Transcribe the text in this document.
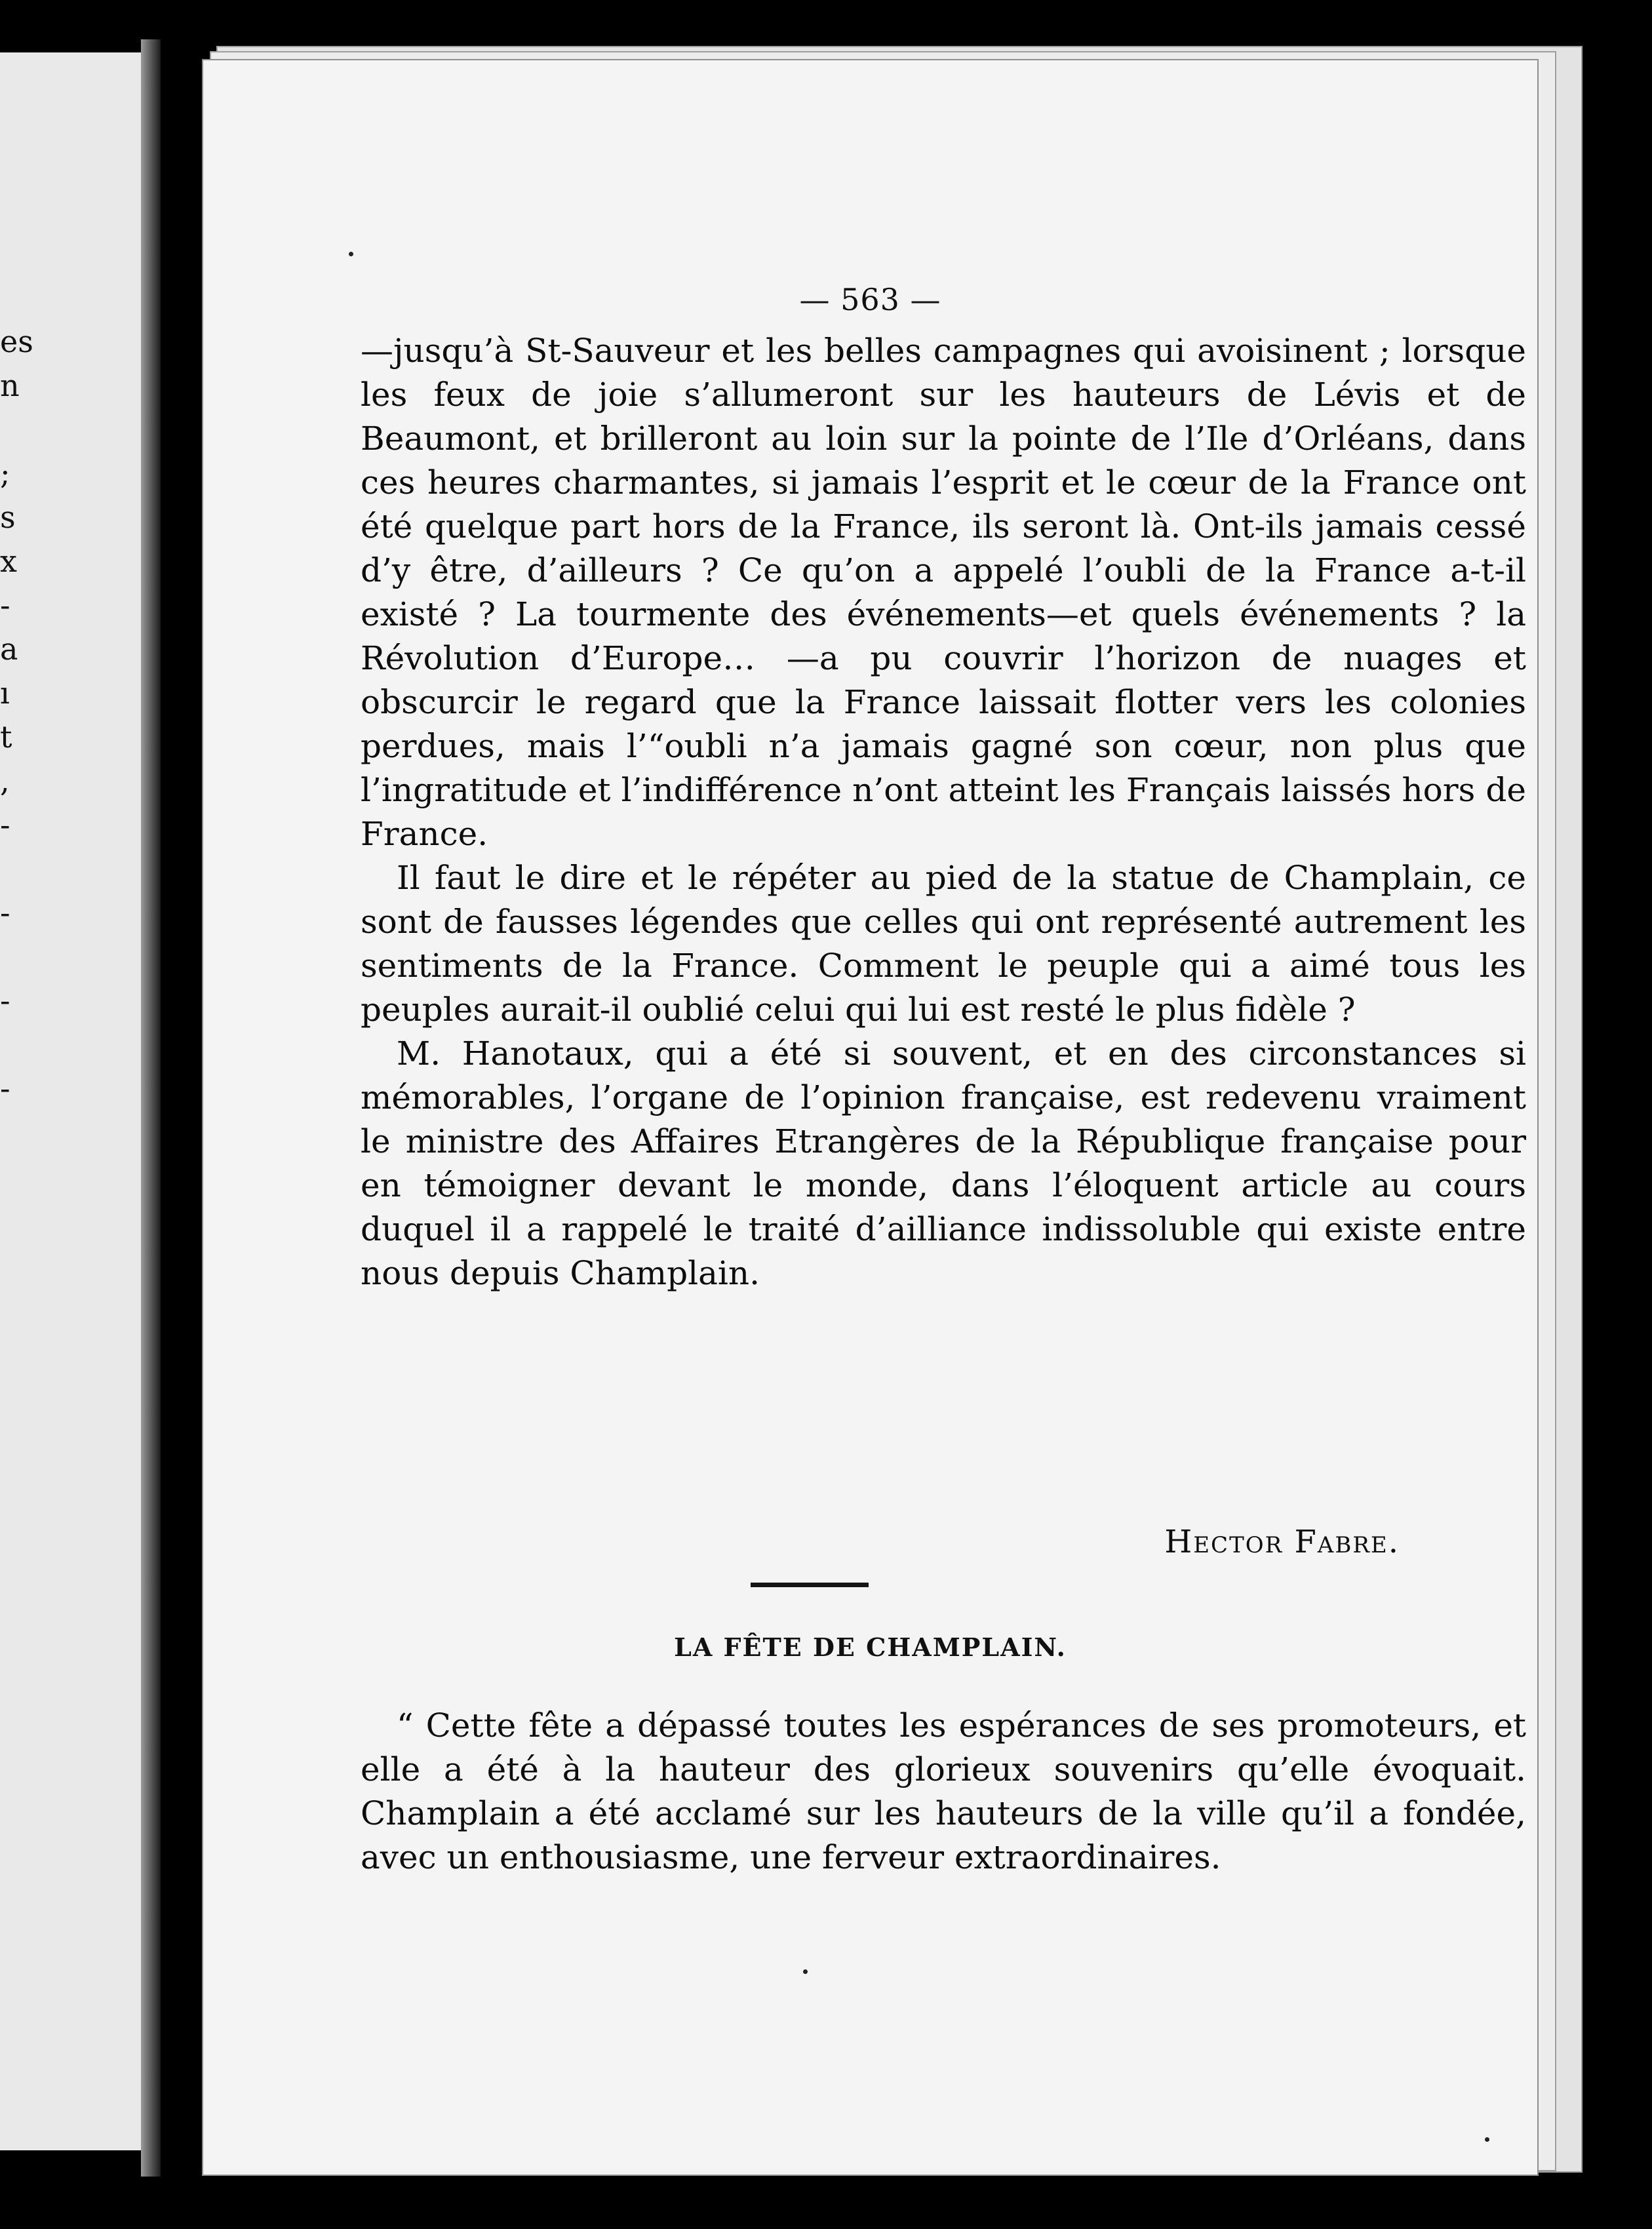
es
n
;
s
x
-
a
ı
t
,
-
-
-
-
— 563 —

—jusqu’à St-Sauveur et les belles campagnes qui avoisinent ; lorsque les feux de joie s’allumeront sur les hauteurs de Lévis et de Beaumont, et brilleront au loin sur la pointe de l’Ile d’Orléans, dans ces heures charmantes, si jamais l’esprit et le cœur de la France ont été quelque part hors de la France, ils seront là. Ont-ils jamais cessé d’y être, d’ailleurs ? Ce qu’on a appelé l’oubli de la France a-t-il existé ? La tourmente des événements—et quels événements ? la Révolution d’Europe… —a pu couvrir l’horizon de nuages et obscurcir le regard que la France laissait flotter vers les colonies perdues, mais l’“oubli n’a jamais gagné son cœur, non plus que l’ingratitude et l’indifférence n’ont atteint les Français laissés hors de France.

Il faut le dire et le répéter au pied de la statue de Champlain, ce sont de fausses légendes que celles qui ont représenté autrement les sentiments de la France. Comment le peuple qui a aimé tous les peuples aurait-il oublié celui qui lui est resté le plus fidèle ?

M. Hanotaux, qui a été si souvent, et en des circonstances si mémorables, l’organe de l’opinion française, est redevenu vraiment le ministre des Affaires Etrangères de la République française pour en témoigner devant le monde, dans l’éloquent article au cours duquel il a rappelé le traité d’ailliance indissoluble qui existe entre nous depuis Champlain.

Hector Fabre.
LA FÊTE DE CHAMPLAIN.

“ Cette fête a dépassé toutes les espérances de ses promoteurs, et elle a été à la hauteur des glorieux souvenirs qu’elle évoquait. Champlain a été acclamé sur les hauteurs de la ville qu’il a fondée, avec un enthousiasme, une ferveur extraordinaires.
